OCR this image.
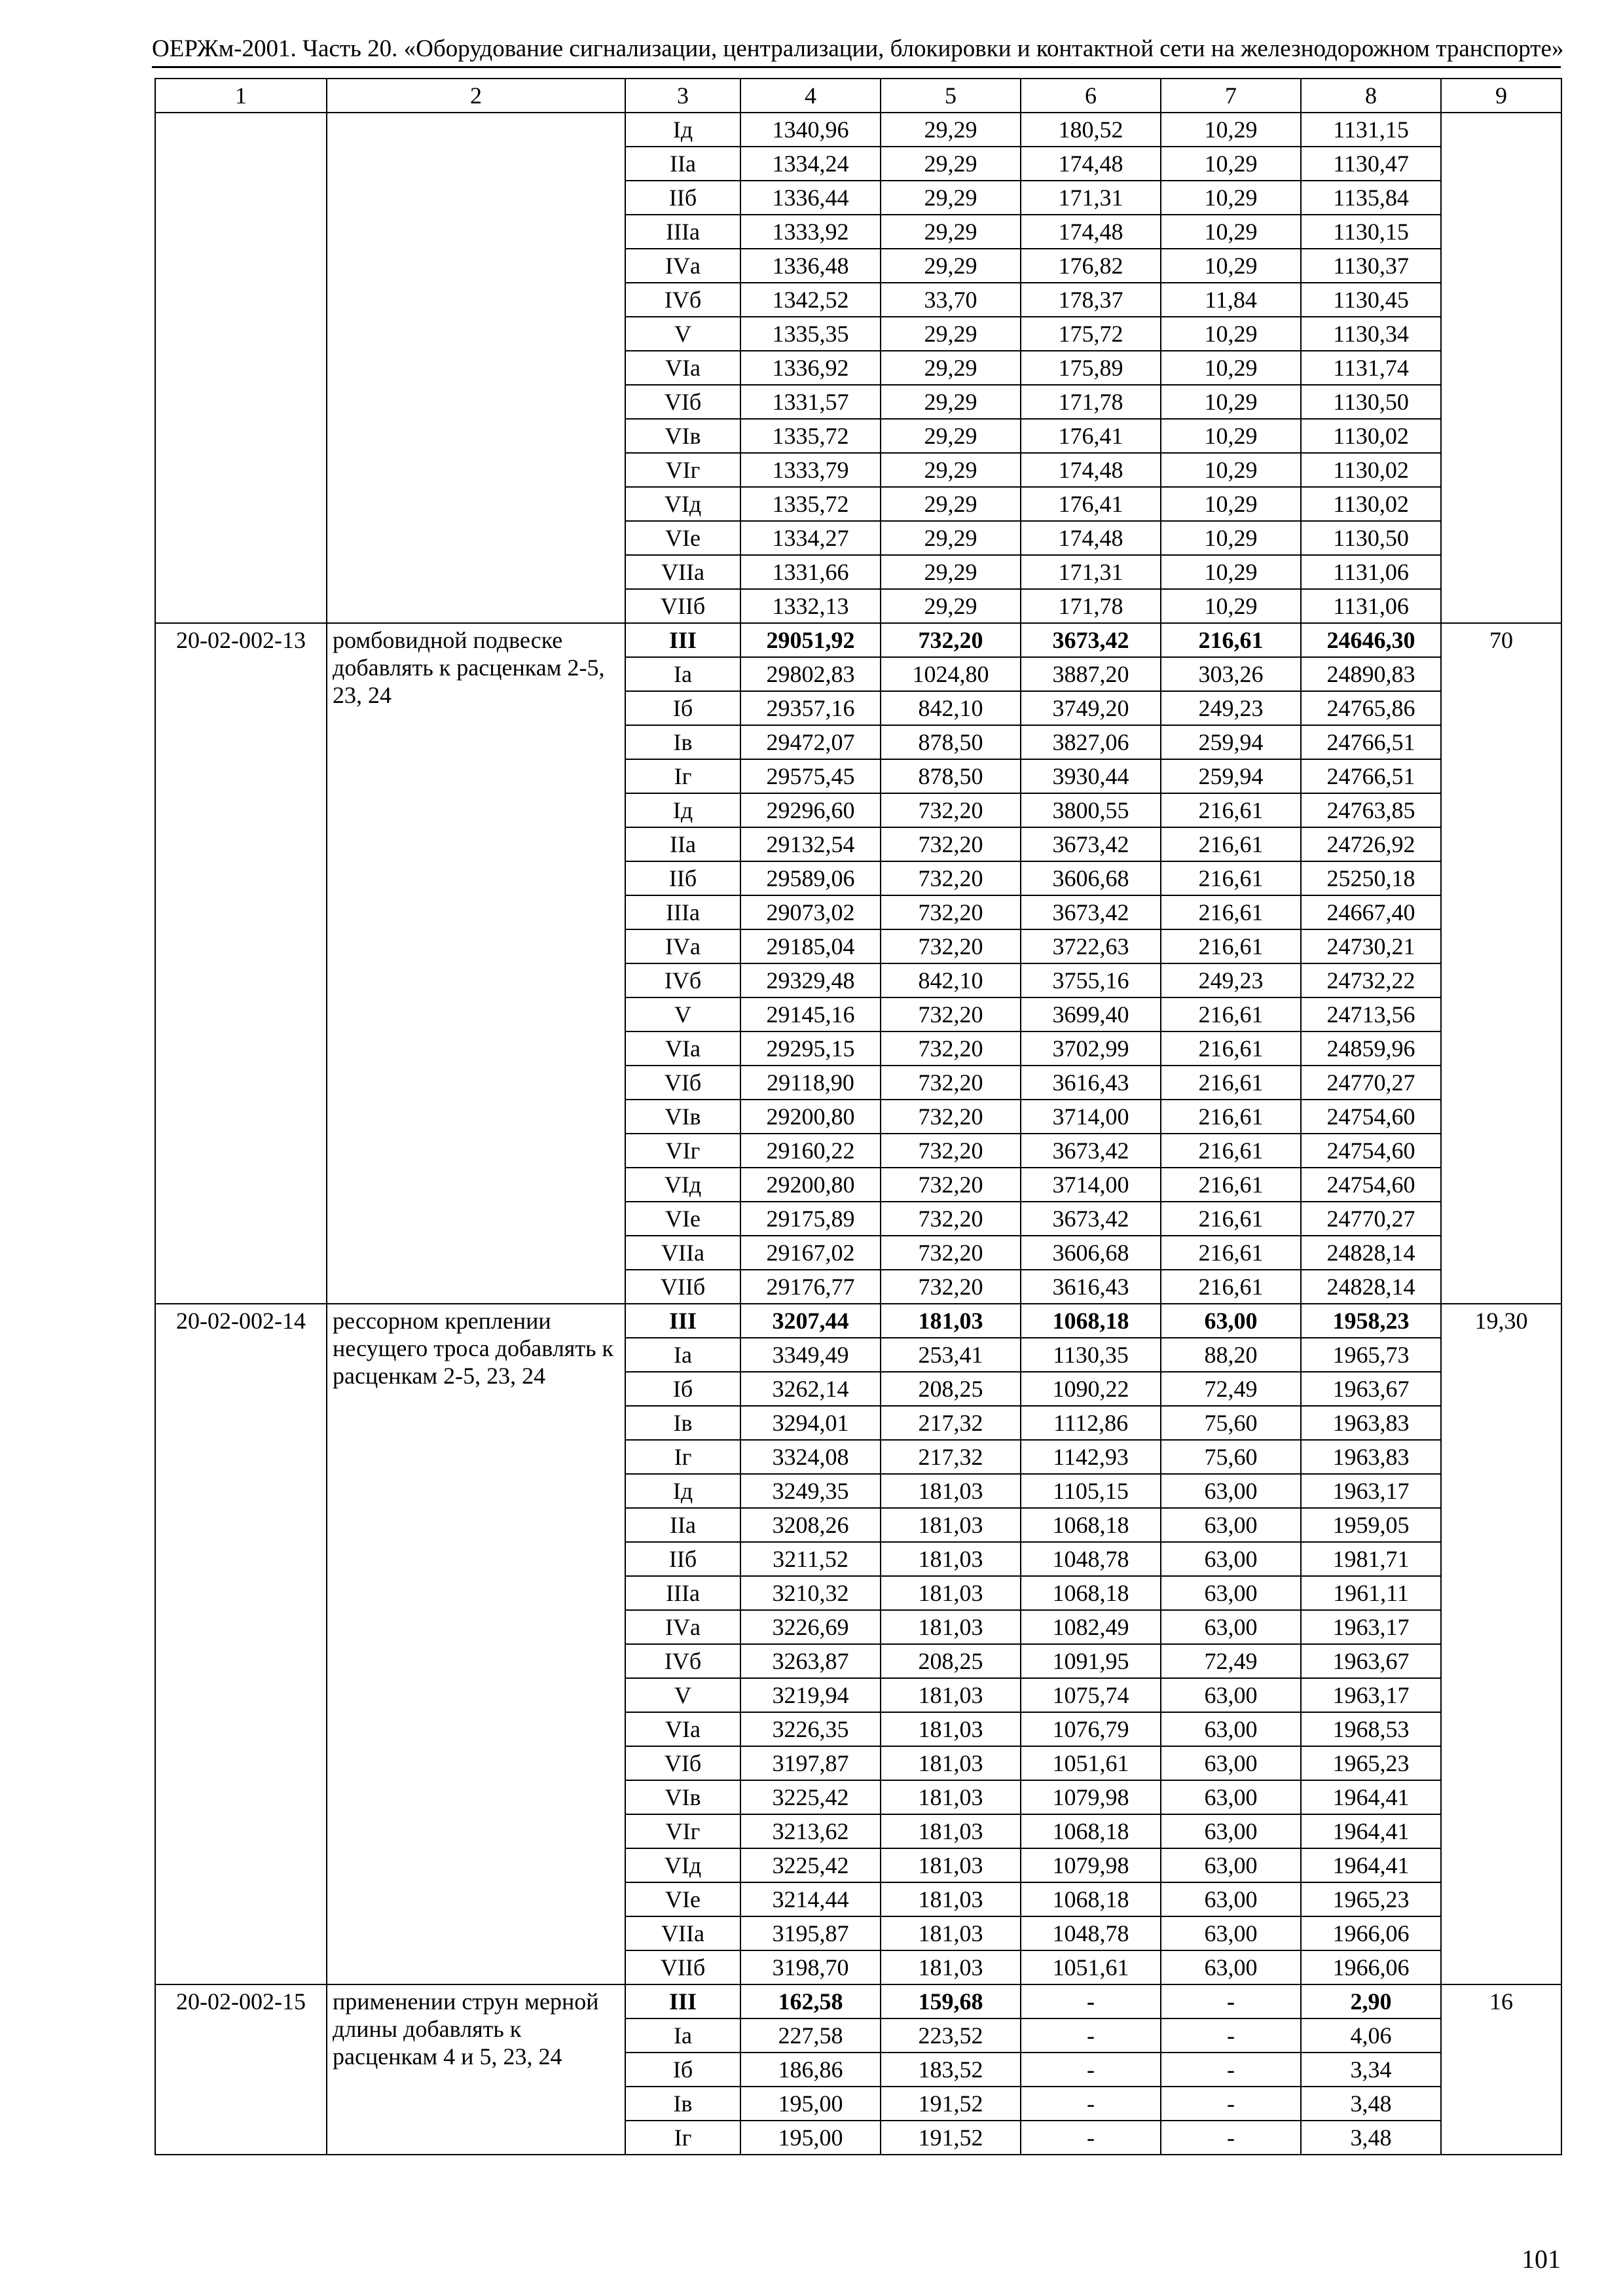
ОЕРЖм-2001. Часть 20. «Оборудование сигнализации, централизации, блокировки и контактной сети на железнодорожном транспорте»
1	2	3	4	5	6	7	8	9
		Iд	1340,96	29,29	180,52	10,29	1131,15	
		IIа	1334,24	29,29	174,48	10,29	1130,47	
		IIб	1336,44	29,29	171,31	10,29	1135,84	
		IIIа	1333,92	29,29	174,48	10,29	1130,15	
		IVа	1336,48	29,29	176,82	10,29	1130,37	
		IVб	1342,52	33,70	178,37	11,84	1130,45	
		V	1335,35	29,29	175,72	10,29	1130,34	
		VIа	1336,92	29,29	175,89	10,29	1131,74	
		VIб	1331,57	29,29	171,78	10,29	1130,50	
		VIв	1335,72	29,29	176,41	10,29	1130,02	
		VIг	1333,79	29,29	174,48	10,29	1130,02	
		VIд	1335,72	29,29	176,41	10,29	1130,02	
		VIе	1334,27	29,29	174,48	10,29	1130,50	
		VIIа	1331,66	29,29	171,31	10,29	1131,06	
		VIIб	1332,13	29,29	171,78	10,29	1131,06	
20-02-002-13	ромбовидной подвеске добавлять к расценкам 2-5, 23, 24	III	29051,92	732,20	3673,42	216,61	24646,30	70
		Iа	29802,83	1024,80	3887,20	303,26	24890,83	
		Iб	29357,16	842,10	3749,20	249,23	24765,86	
		Iв	29472,07	878,50	3827,06	259,94	24766,51	
		Iг	29575,45	878,50	3930,44	259,94	24766,51	
		Iд	29296,60	732,20	3800,55	216,61	24763,85	
		IIа	29132,54	732,20	3673,42	216,61	24726,92	
		IIб	29589,06	732,20	3606,68	216,61	25250,18	
		IIIа	29073,02	732,20	3673,42	216,61	24667,40	
		IVа	29185,04	732,20	3722,63	216,61	24730,21	
		IVб	29329,48	842,10	3755,16	249,23	24732,22	
		V	29145,16	732,20	3699,40	216,61	24713,56	
		VIа	29295,15	732,20	3702,99	216,61	24859,96	
		VIб	29118,90	732,20	3616,43	216,61	24770,27	
		VIв	29200,80	732,20	3714,00	216,61	24754,60	
		VIг	29160,22	732,20	3673,42	216,61	24754,60	
		VIд	29200,80	732,20	3714,00	216,61	24754,60	
		VIе	29175,89	732,20	3673,42	216,61	24770,27	
		VIIа	29167,02	732,20	3606,68	216,61	24828,14	
		VIIб	29176,77	732,20	3616,43	216,61	24828,14	
20-02-002-14	рессорном креплении несущего троса добавлять к расценкам 2-5, 23, 24	III	3207,44	181,03	1068,18	63,00	1958,23	19,30
		Iа	3349,49	253,41	1130,35	88,20	1965,73	
		Iб	3262,14	208,25	1090,22	72,49	1963,67	
		Iв	3294,01	217,32	1112,86	75,60	1963,83	
		Iг	3324,08	217,32	1142,93	75,60	1963,83	
		Iд	3249,35	181,03	1105,15	63,00	1963,17	
		IIа	3208,26	181,03	1068,18	63,00	1959,05	
		IIб	3211,52	181,03	1048,78	63,00	1981,71	
		IIIа	3210,32	181,03	1068,18	63,00	1961,11	
		IVа	3226,69	181,03	1082,49	63,00	1963,17	
		IVб	3263,87	208,25	1091,95	72,49	1963,67	
		V	3219,94	181,03	1075,74	63,00	1963,17	
		VIа	3226,35	181,03	1076,79	63,00	1968,53	
		VIб	3197,87	181,03	1051,61	63,00	1965,23	
		VIв	3225,42	181,03	1079,98	63,00	1964,41	
		VIг	3213,62	181,03	1068,18	63,00	1964,41	
		VIд	3225,42	181,03	1079,98	63,00	1964,41	
		VIе	3214,44	181,03	1068,18	63,00	1965,23	
		VIIа	3195,87	181,03	1048,78	63,00	1966,06	
		VIIб	3198,70	181,03	1051,61	63,00	1966,06	
20-02-002-15	применении струн мерной длины добавлять к расценкам 4 и 5, 23, 24	III	162,58	159,68	-	-	2,90	16
		Iа	227,58	223,52	-	-	4,06	
		Iб	186,86	183,52	-	-	3,34	
		Iв	195,00	191,52	-	-	3,48	
		Iг	195,00	191,52	-	-	3,48	
101
